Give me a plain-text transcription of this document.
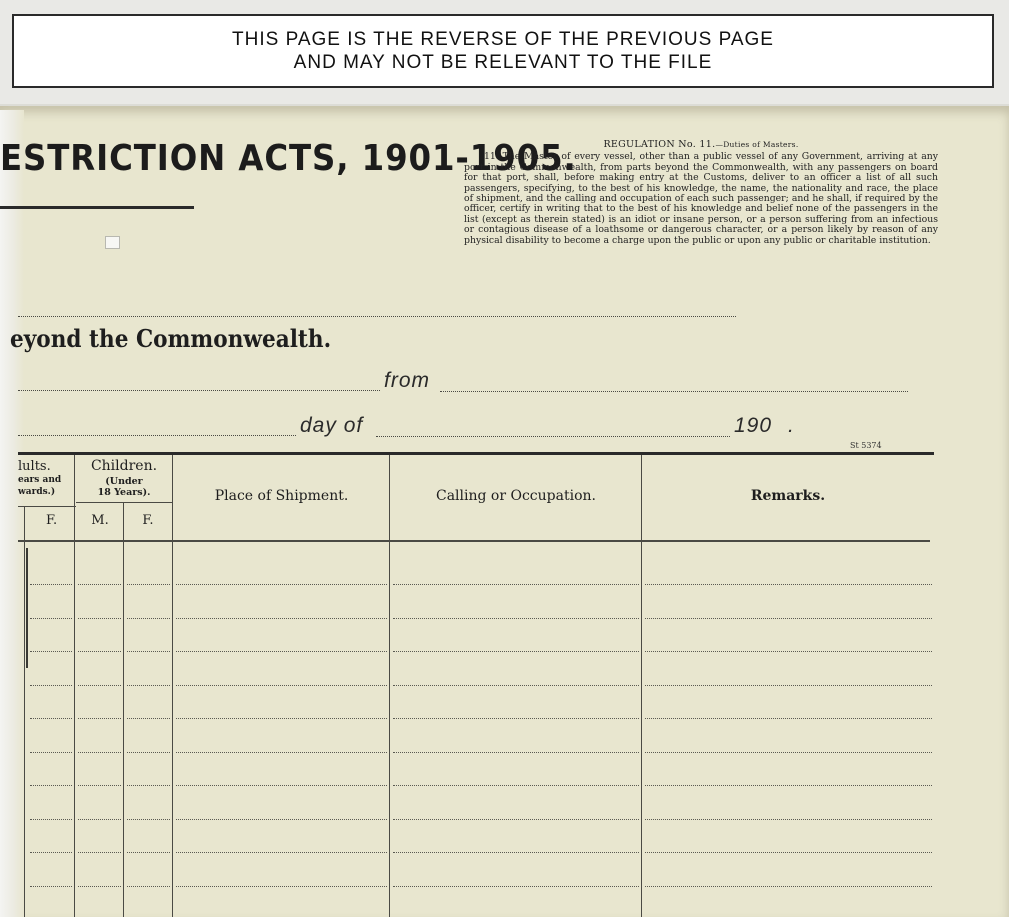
THIS PAGE IS THE REVERSE OF THE PREVIOUS PAGE
AND MAY NOT BE RELEVANT TO THE FILE
ESTRICTION ACTS, 1901-1905.	REGULATION No. 11.—Duties of Masters.
11. The Master of every vessel, other than a public vessel of any Government, arriving at any port in the Commonwealth, from parts beyond the Commonwealth, with any passengers on board for that port, shall, before making entry at the Customs, deliver to an officer a list of all such passengers, specifying, to the best of his knowledge, the name, the nationality and race, the place of shipment, and the calling and occupation of each such passenger; and he shall, if required by the officer, certify in writing that to the best of his knowledge and belief none of the passengers in the list (except as therein stated) is an idiot or insane person, or a person suffering from an infectious or contagious disease of a loathsome or dangerous character, or a person likely by reason of any physical disability to become a charge upon the public or upon any public or charitable institution.
eyond the Commonwealth.
from
day of	190 .
St 5374
lults.
ears and
wards.)
F.
Children.
(Under
18 Years).
M.	F.
Place of Shipment.	Calling or Occupation.	Remarks.
